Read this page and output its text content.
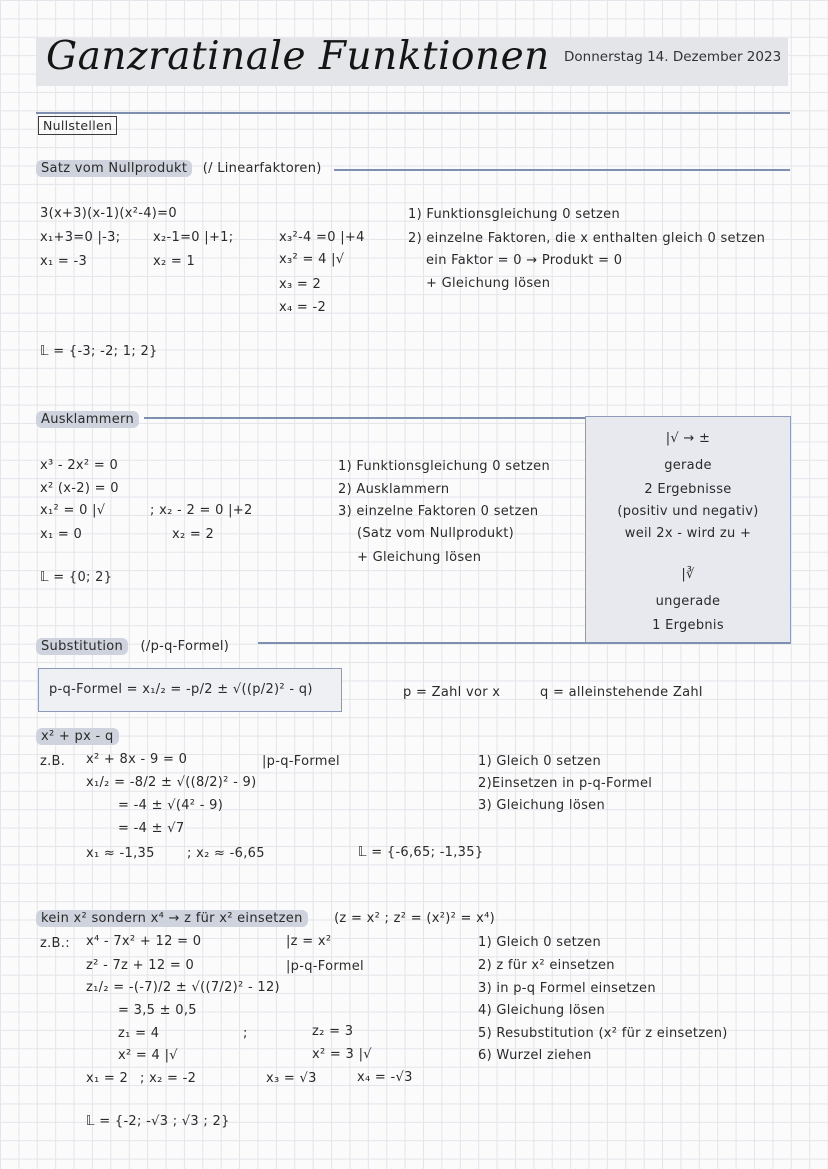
Ganzratinale Funktionen Donnerstag 14. Dezember 2023
Nullstellen
Satz vom Nullprodukt (/ Linearfaktoren)
3(x+3)(x-1)(x²-4)=0
x₁+3=0 |-3;	x₂-1=0 |+1;	x₃²-4 =0 |+4
x₁ = -3	x₂ = 1	x₃² = 4 |√
x₃ = 2
x₄ = -2
𝕃 = {-3; -2; 1; 2}
1) Funktionsgleichung 0 setzen
2) einzelne Faktoren, die x enthalten gleich 0 setzen
ein Faktor = 0 → Produkt = 0
+ Gleichung lösen
Ausklammern
x³ - 2x² = 0
x² (x-2) = 0
x₁² = 0 |√	; x₂ - 2 = 0 |+2
x₁ = 0	x₂ = 2
𝕃 = {0; 2}
1) Funktionsgleichung 0 setzen
2) Ausklammern
3) einzelne Faktoren 0 setzen
(Satz vom Nullprodukt)
+ Gleichung lösen
|√ → ±
gerade
2 Ergebnisse
(positiv und negativ)
weil 2x - wird zu +
|∛
ungerade
1 Ergebnis
Substitution (/p-q-Formel)
p-q-Formel = x₁/₂ = -p/2 ± √((p/2)² - q)	p = Zahl vor x	q = alleinstehende Zahl
x² + px - q
z.B. x² + 8x - 9 = 0	|p-q-Formel
x₁/₂ = -8/2 ± √((8/2)² - 9)
= -4 ± √(4² - 9)
= -4 ± √7
x₁ ≈ -1,35 ; x₂ ≈ -6,65	𝕃 = {-6,65; -1,35}
1) Gleich 0 setzen
2)Einsetzen in p-q-Formel
3) Gleichung lösen
kein x² sondern x⁴ → z für x² einsetzen (z = x² ; z² = (x²)² = x⁴)
z.B.: x⁴ - 7x² + 12 = 0	|z = x²
z² - 7z + 12 = 0	|p-q-Formel
z₁/₂ = -(-7)/2 ± √((7/2)² - 12)
= 3,5 ± 0,5
z₁ = 4	;	z₂ = 3
x² = 4 |√	x² = 3 |√
x₁ = 2 ; x₂ = -2	x₃ = √3	x₄ = -√3
𝕃 = {-2; -√3 ; √3 ; 2}
1) Gleich 0 setzen
2) z für x² einsetzen
3) in p-q Formel einsetzen
4) Gleichung lösen
5) Resubstitution (x² für z einsetzen)
6) Wurzel ziehen
